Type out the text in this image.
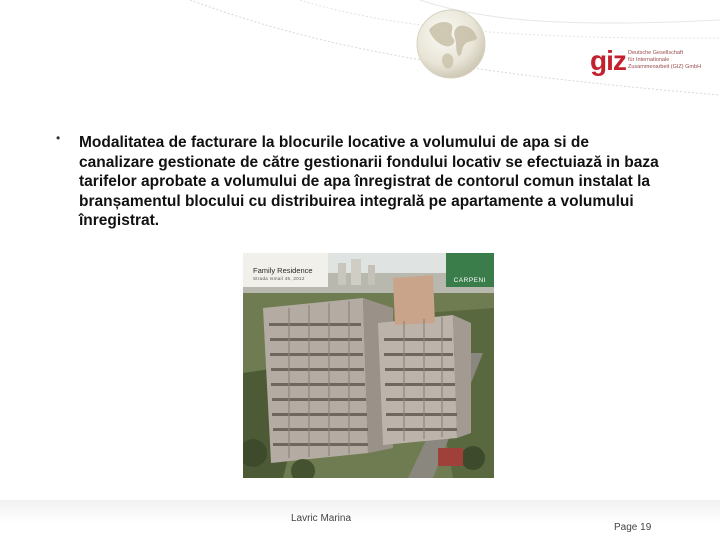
giz Deutsche Gesellschaft
für Internationale
Zusammenarbeit (GIZ) GmbH
• Modalitatea de facturare la blocurile locative a volumului de apa si de canalizare gestionate de către gestionarii fondului locativ se efectuiază in baza tarifelor aprobate a volumului de apa înregistrat de contorul comun instalat la branșamentul blocului cu distribuirea integrală pe apartamente a volumului înregistrat.
Family Residence
Strada Ismail 45, 2012	CARPENI
Lavric Marina
Page 19
